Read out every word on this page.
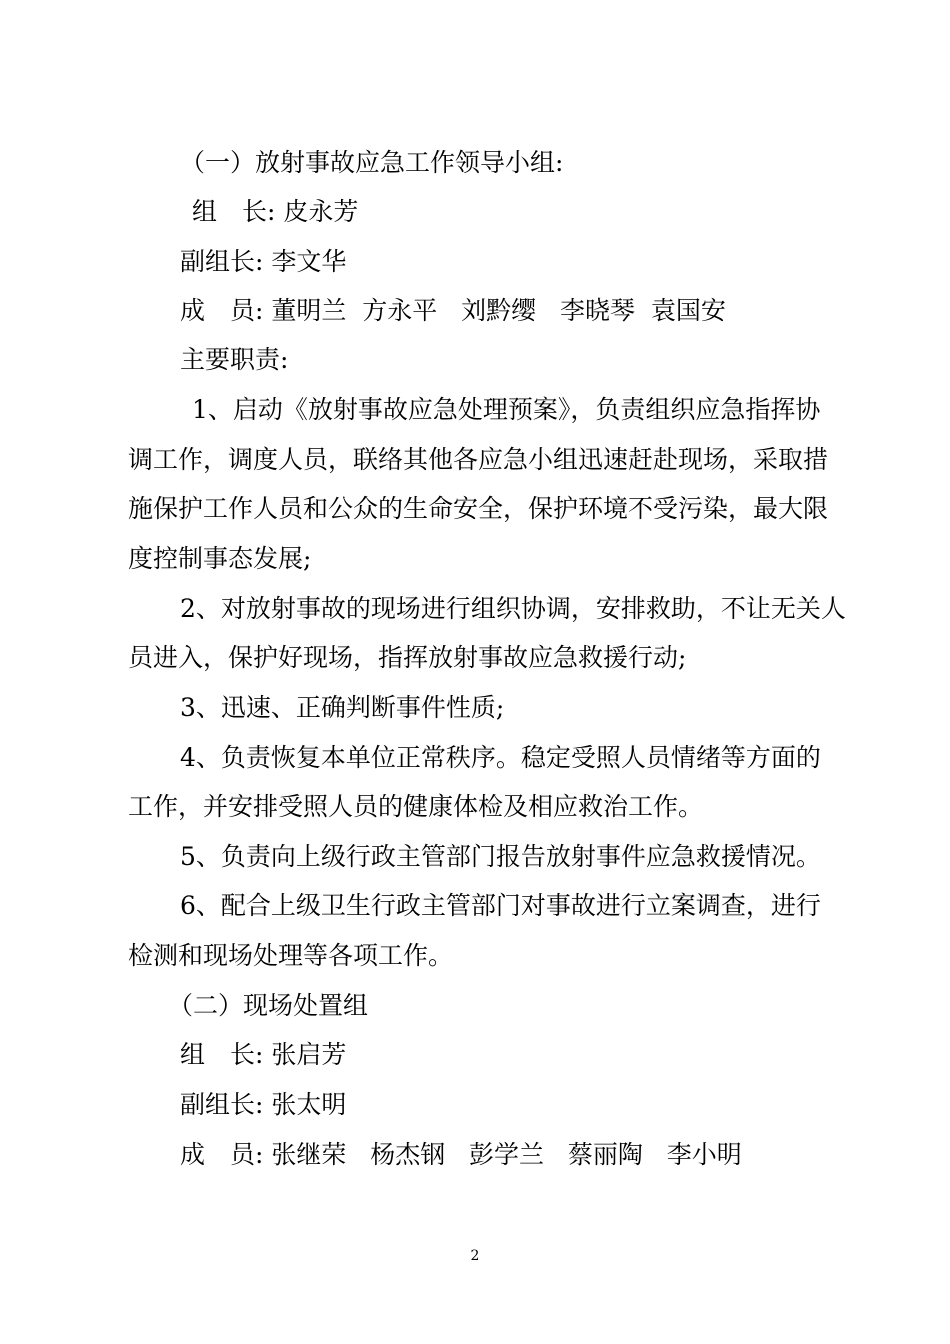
（一）放射事故应急工作领导小组:

组　长: 皮永芳

副组长: 李文华

成　员: 董明兰  方永平   刘黔缨   李晓琴  袁国安

主要职责:

1、启动《放射事故应急处理预案》，负责组织应急指挥协

调工作，调度人员，联络其他各应急小组迅速赶赴现场，采取措

施保护工作人员和公众的生命安全，保护环境不受污染，最大限

度控制事态发展;

2、对放射事故的现场进行组织协调，安排救助，不让无关人

员进入，保护好现场，指挥放射事故应急救援行动;

3、迅速、正确判断事件性质;

4、负责恢复本单位正常秩序。稳定受照人员情绪等方面的

工作，并安排受照人员的健康体检及相应救治工作。

5、负责向上级行政主管部门报告放射事件应急救援情况。

6、配合上级卫生行政主管部门对事故进行立案调查，进行

检测和现场处理等各项工作。

（二）现场处置组

组　长: 张启芳

副组长: 张太明

成　员: 张继荣   杨杰钢   彭学兰   蔡丽陶   李小明

2
